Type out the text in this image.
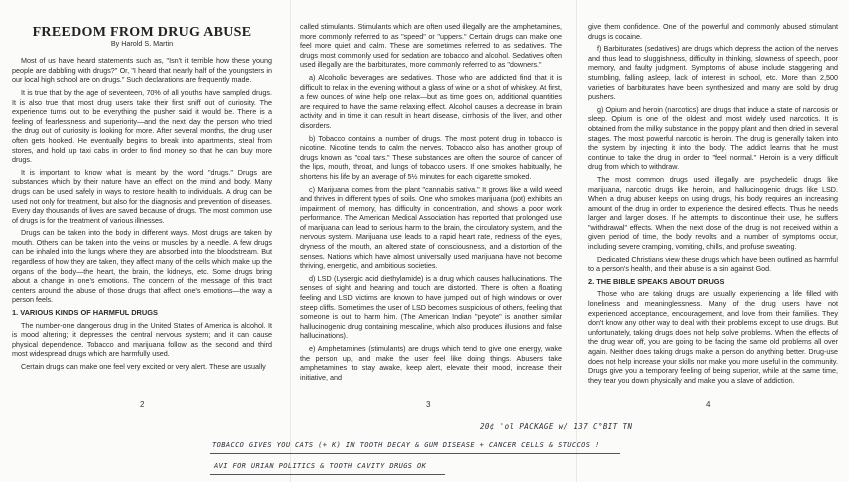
FREEDOM FROM DRUG ABUSE
By Harold S. Martin

Most of us have heard statements such as, "Isn't it terrible how these young people are dabbling with drugs?" Or, "I heard that nearly half of the youngsters in our local high school are on drugs." Such declarations are frequently made.

It is true that by the age of seventeen, 70% of all youths have sampled drugs. It is also true that most drug users take their first sniff out of curiosity. The experience turns out to be everything the pusher said it would be. There is a feeling of fearlessness and superiority—and the next day the person who tried the drug out of curiosity is looking for more. After several months, the drug user often gets hooked. He eventually begins to break into apartments, steal from stores, and hold up taxi cabs in order to find money so that he can buy more drugs.

It is important to know what is meant by the word "drugs." Drugs are substances which by their nature have an effect on the mind and body. Many drugs can be used safely in ways to restore health to individuals. A drug can be used not only for treatment, but also for the diagnosis and prevention of diseases. Every day thousands of lives are saved because of drugs. The most common use of drugs is for the treatment of various illnesses.

Drugs can be taken into the body in different ways. Most drugs are taken by mouth. Others can be taken into the veins or muscles by a needle. A few drugs can be inhaled into the lungs where they are absorbed into the bloodstream. But regardless of how they are taken, they affect many of the cells which make up the organs of the body—the heart, the brain, the kidneys, etc. Some drugs bring about a change in one's emotions. The concern of the message of this tract centers around the abuse of those drugs that affect one's emotions—the way a person feels.

1. VARIOUS KINDS OF HARMFUL DRUGS

The number-one dangerous drug in the United States of America is alcohol. It is mood altering; it depresses the central nervous system; and it can cause physical dependence. Tobacco and marijuana follow as the second and third most widespread drugs which are harmfully used.

Certain drugs can make one feel very excited or very alert. These are usually

called stimulants. Stimulants which are often used illegally are the amphetamines, more commonly referred to as "speed" or "uppers." Certain drugs can make one feel more quiet and calm. These are sometimes referred to as sedatives. The drugs most commonly used for sedation are tobacco and alcohol. Sedatives often used illegally are the barbiturates, more commonly referred to as "downers."

a) Alcoholic beverages are sedatives. Those who are addicted find that it is difficult to relax in the evening without a glass of wine or a shot of whiskey. At first, a few ounces of wine help one relax—but as time goes on, additional quantities are required to have the same relaxing effect. Alcohol causes a decrease in brain activity and in time it can result in heart disease, cirrhosis of the liver, and other disorders.

b) Tobacco contains a number of drugs. The most potent drug in tobacco is nicotine. Nicotine tends to calm the nerves. Tobacco also has another group of drugs known as "coal tars." These substances are often the source of cancer of the lips, mouth, throat, and lungs of tobacco users. If one smokes habitually, he shortens his life by an average of 5½ minutes for each cigarette smoked.

c) Marijuana comes from the plant "cannabis sativa." It grows like a wild weed and thrives in different types of soils. One who smokes marijuana (pot) exhibits an impairment of memory, has difficulty in concentration, and shows a poor work performance. The American Medical Association has reported that prolonged use of marijuana can lead to serious harm to the brain, the circulatory system, and the nervous system. Marijuana use leads to a rapid heart rate, redness of the eyes, dryness of the mouth, an altered state of consciousness, and a distortion of the senses. Nations which have almost universally used marijuana have not become thriving, energetic, and ambitious societies.

d) LSD (Lysergic acid diethylamide) is a drug which causes hallucinations. The senses of sight and hearing and touch are distorted. There is often a floating feeling and LSD victims are known to have jumped out of high windows or over steep cliffs. Sometimes the user of LSD becomes suspicious of others, feeling that someone is out to harm him. (The American Indian "peyote" is another similar hallucinogenic drug containing mescaline, which also produces illusions and false hallucinations).

e) Amphetamines (stimulants) are drugs which tend to give one energy, wake the person up, and make the user feel like doing things. Abusers take amphetamines to stay awake, keep alert, elevate their mood, increase their initiative, and

give them confidence. One of the powerful and commonly abused stimulant drugs is cocaine.

f) Barbiturates (sedatives) are drugs which depress the action of the nerves and thus lead to sluggishness, difficulty in thinking, slowness of speech, poor memory, and faulty judgment. Symptoms of abuse include staggering and stumbling, falling asleep, lack of interest in school, etc. More than 2,500 varieties of barbiturates have been synthesized and many are sold by drug pushers.

g) Opium and heroin (narcotics) are drugs that induce a state of narcosis or sleep. Opium is one of the oldest and most widely used narcotics. It is obtained from the milky substance in the poppy plant and then dried in several stages. The most powerful narcotic is heroin. The drug is generally taken into the system by injecting it into the body. The addict learns that he must continue to take the drug in order to "feel normal." Heroin is a very difficult drug from which to withdraw.

The most common drugs used illegally are psychedelic drugs like marijuana, narcotic drugs like heroin, and hallucinogenic drugs like LSD. When a drug abuser keeps on using drugs, his body requires an increasing amount of the drug in order to experience the desired effects. Thus he needs larger and larger doses. If he attempts to discontinue their use, he suffers "withdrawal" effects. When the next dose of the drug is not received within a given period of time, the body revolts and a number of symptoms occur, including severe cramping, vomiting, chills, and profuse sweating.

Dedicated Christians view these drugs which have been outlined as harmful to a person's health, and their abuse is a sin against God.

2. THE BIBLE SPEAKS ABOUT DRUGS

Those who are taking drugs are usually experiencing a life filled with loneliness and meaninglessness. Many of the drug users have not experienced acceptance, encouragement, and love from their families. They don't know any other way to deal with their problems except to use drugs. But unfortunately, taking drugs does not help solve problems. When the effects of the drug wear off, you are going to be facing the same old problems all over again. Neither does taking drugs make a person do anything better. Drug-use does not help increase your skills nor make you more useful in the community. Drugs give you a temporary feeling of being superior, while at the same time, they tear you down physically and make you a slave of addiction.

2	3	4
20¢ 'ol PACKAGE w/ 137 C°BIT TN
TOBACCO GIVES YOU CATS (+ K) IN TOOTH DECAY & GUM DISEASE + CANCER CELLS & STUCCOS !
AVI FOR URIAN POLITICS & TOOTH CAVITY DRUGS OK
